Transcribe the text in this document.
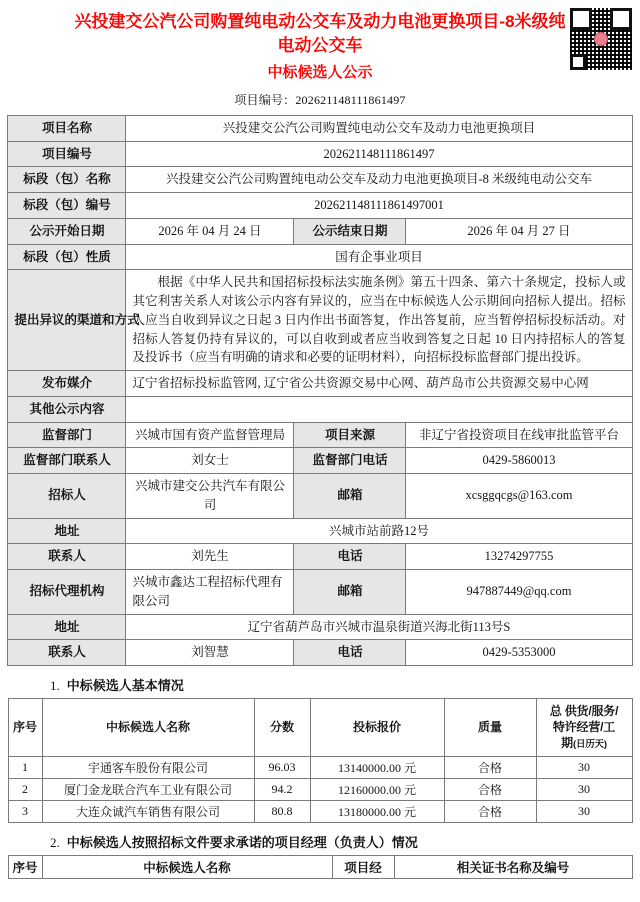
兴投建交公汽公司购置纯电动公交车及动力电池更换项目-8米级纯电动公交车
中标候选人公示
项目编号：202621148111861497
项目名称	兴投建交公汽公司购置纯电动公交车及动力电池更换项目		
项目编号	202621148111861497		
标段（包）名称	兴投建交公汽公司购置纯电动公交车及动力电池更换项目-8 米级纯电动公交车		
标段（包）编号	202621148111861497001		
公示开始日期	2026 年 04 月 24 日	公示结束日期	2026 年 04 月 27 日
标段（包）性质	国有企事业项目		
提出异议的渠道和方式	根据《中华人民共和国招标投标法实施条例》第五十四条、第六十条规定，投标人或其它利害关系人对该公示内容有异议的，应当在中标候选人公示期间向招标人提出。招标人应当自收到异议之日起 3 日内作出书面答复，作出答复前，应当暂停招标投标活动。对招标人答复仍持有异议的，可以自收到或者应当收到答复之日起 10 日内持招标人的答复及投诉书（应当有明确的请求和必要的证明材料），向招标投标监督部门提出投诉。		

发布媒介	辽宁省招标投标监管网, 辽宁省公共资源交易中心网、葫芦岛市公共资源交易中心网		
其他公示内容			
监督部门	兴城市国有资产监督管理局	项目来源	非辽宁省投资项目在线审批监管平台
监督部门联系人	刘女士	监督部门电话	0429-5860013
招标人	兴城市建交公共汽车有限公司	邮箱	xcsggqcgs@163.com
地址	兴城市站前路12号		
联系人	刘先生	电话	13274297755
招标代理机构	兴城市鑫达工程招标代理有限公司	邮箱	947887449@qq.com
地址	辽宁省葫芦岛市兴城市温泉街道兴海北街113号S		
联系人	刘智慧	电话	0429-5353000
1. 中标候选人基本情况
序号	中标候选人名称	分数	投标报价	质量	总 供货/服务/
特许经营/工
期(日历天)

1	宇通客车股份有限公司	96.03	13140000.00 元	合格	30
2	厦门金龙联合汽车工业有限公司	94.2	12160000.00 元	合格	30
3	大连众诚汽车销售有限公司	80.8	13180000.00 元	合格	30
2. 中标候选人按照招标文件要求承诺的项目经理（负责人）情况
序号	中标候选人名称	项目经	相关证书名称及编号
